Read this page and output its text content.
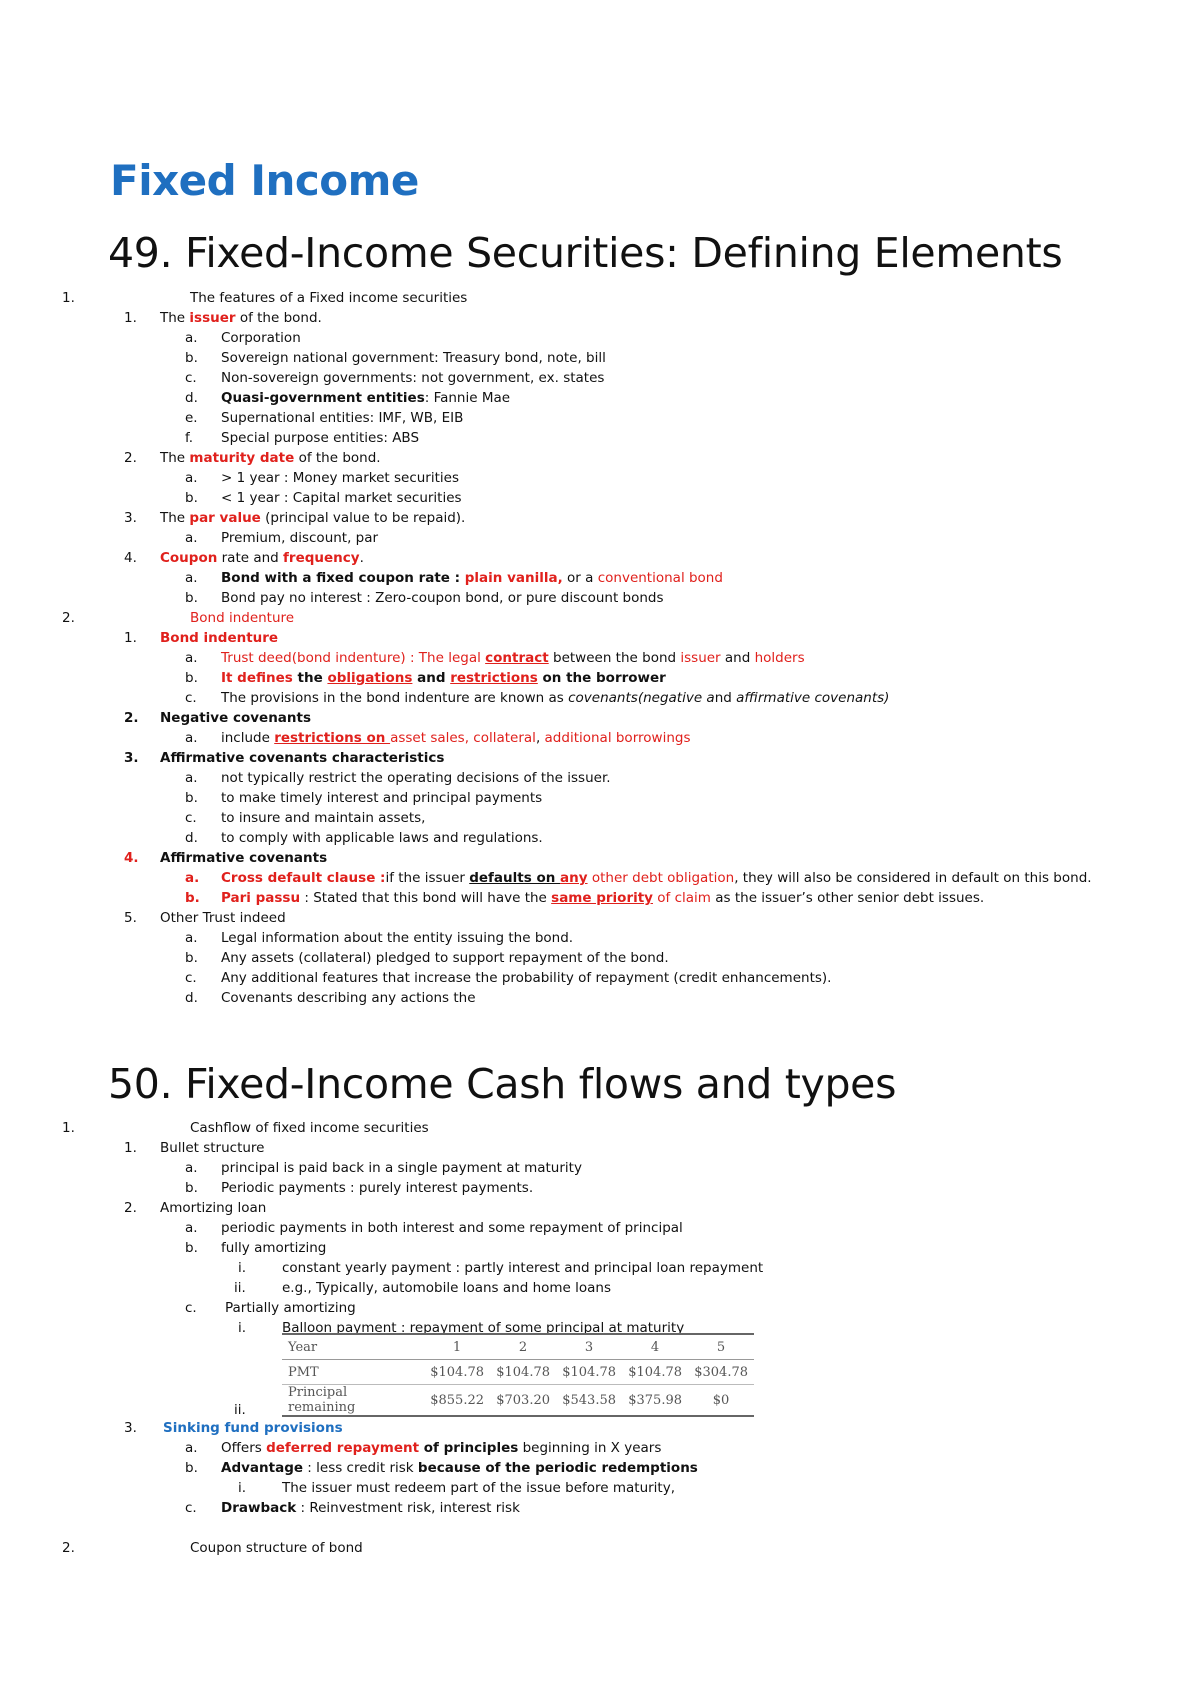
Fixed Income
49. Fixed-Income Securities: Defining Elements
1.	The features of a Fixed income securities
1. The issuer of the bond.
a. Corporation
b. Sovereign national government: Treasury bond, note, bill
c. Non-sovereign governments: not government, ex. states
d. Quasi-government entities: Fannie Mae
e. Supernational entities: IMF, WB, EIB
f. Special purpose entities: ABS
2. The maturity date of the bond.
a. > 1 year : Money market securities
b. < 1 year : Capital market securities
3. The par value (principal value to be repaid).
a. Premium, discount, par
4. Coupon rate and frequency.
a. Bond with a fixed coupon rate : plain vanilla, or a conventional bond
b. Bond pay no interest : Zero-coupon bond, or pure discount bonds
2.	Bond indenture
1. Bond indenture
a. Trust deed(bond indenture) : The legal contract between the bond issuer and holders
b. It defines the obligations and restrictions on the borrower
c. The provisions in the bond indenture are known as covenants(negative and affirmative covenants)
2. Negative covenants
a. include restrictions on asset sales, collateral, additional borrowings
3. Affirmative covenants characteristics
a. not typically restrict the operating decisions of the issuer.
b. to make timely interest and principal payments
c. to insure and maintain assets,
d. to comply with applicable laws and regulations.
4. Affirmative covenants
a. Cross default clause :if the issuer defaults on any other debt obligation, they will also be considered in default on this bond.
b. Pari passu : Stated that this bond will have the same priority of claim as the issuer’s other senior debt issues.
5. Other Trust indeed
a. Legal information about the entity issuing the bond.
b. Any assets (collateral) pledged to support repayment of the bond.
c. Any additional features that increase the probability of repayment (credit enhancements).
d. Covenants describing any actions the
50. Fixed-Income Cash flows and types
1.	Cashflow of fixed income securities
1. Bullet structure
a. principal is paid back in a single payment at maturity
b. Periodic payments : purely interest payments.
2. Amortizing loan
a. periodic payments in both interest and some repayment of principal
b. fully amortizing
i.	constant yearly payment : partly interest and principal loan repayment
ii.	e.g., Typically, automobile loans and home loans
c. Partially amortizing
i.	Balloon payment : repayment of some principal at maturity
Year	1	2	3	4	5
PMT	$104.78	$104.78	$104.78	$104.78	$304.78
Principal remaining	$855.22	$703.20	$543.58	$375.98	$0
ii.
3. Sinking fund provisions
a. Offers deferred repayment of principles beginning in X years
b. Advantage : less credit risk because of the periodic redemptions
i.	The issuer must redeem part of the issue before maturity,
c. Drawback : Reinvestment risk, interest risk
2.	Coupon structure of bond
